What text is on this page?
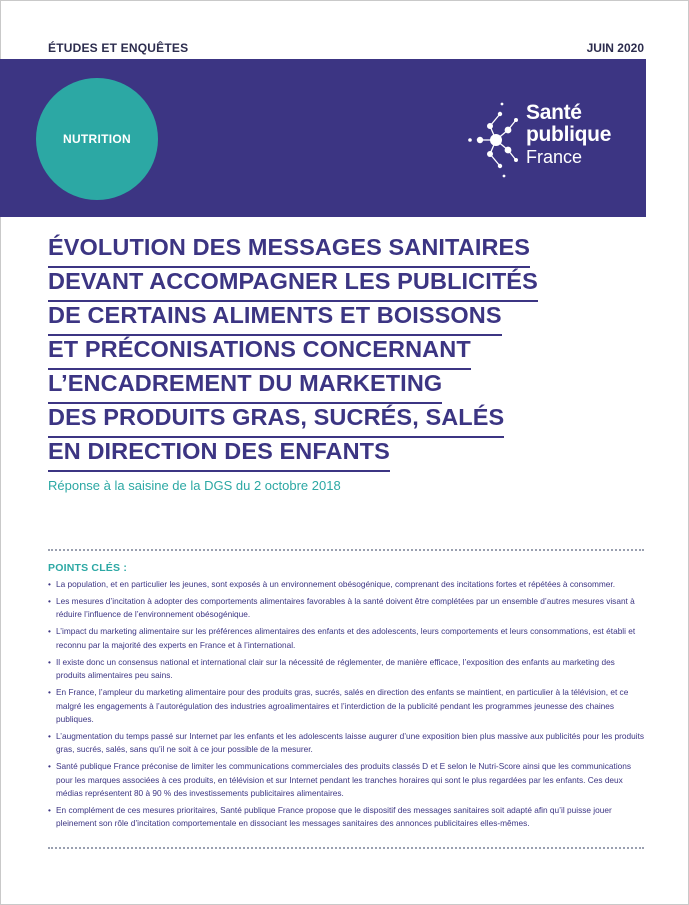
ÉTUDES ET ENQUÊTES	JUIN 2020
NUTRITION
Santé
publique
France
ÉVOLUTION DES MESSAGES SANITAIRES
DEVANT ACCOMPAGNER LES PUBLICITÉS
DE CERTAINS ALIMENTS ET BOISSONS
ET PRÉCONISATIONS CONCERNANT
L’ENCADREMENT DU MARKETING
DES PRODUITS GRAS, SUCRÉS, SALÉS
EN DIRECTION DES ENFANTS
Réponse à la saisine de la DGS du 2 octobre 2018
POINTS CLÉS :
• La population, et en particulier les jeunes, sont exposés à un environnement obésogénique, comprenant des incitations fortes et répétées à consommer.
• Les mesures d’incitation à adopter des comportements alimentaires favorables à la santé doivent être complétées par un ensemble d’autres mesures visant à réduire l’influence de l’environnement obésogénique.
• L’impact du marketing alimentaire sur les préférences alimentaires des enfants et des adolescents, leurs comportements et leurs consommations, est établi et reconnu par la majorité des experts en France et à l’international.
• Il existe donc un consensus national et international clair sur la nécessité de réglementer, de manière efficace, l’exposition des enfants au marketing des produits alimentaires peu sains.
• En France, l’ampleur du marketing alimentaire pour des produits gras, sucrés, salés en direction des enfants se maintient, en particulier à la télévision, et ce malgré les engagements à l’autorégulation des industries agroalimentaires et l’interdiction de la publicité pendant les programmes jeunesse des chaines publiques.
• L’augmentation du temps passé sur Internet par les enfants et les adolescents laisse augurer d’une exposition bien plus massive aux publicités pour les produits gras, sucrés, salés, sans qu’il ne soit à ce jour possible de la mesurer.
• Santé publique France préconise de limiter les communications commerciales des produits classés D et E selon le Nutri-Score ainsi que les communications pour les marques associées à ces produits, en télévision et sur Internet pendant les tranches horaires qui sont le plus regardées par les enfants. Ces deux médias représentent 80 à 90 % des investissements publicitaires alimentaires.
• En complément de ces mesures prioritaires, Santé publique France propose que le dispositif des messages sanitaires soit adapté afin qu’il puisse jouer pleinement son rôle d’incitation comportementale en dissociant les messages sanitaires des annonces publicitaires elles-mêmes.
